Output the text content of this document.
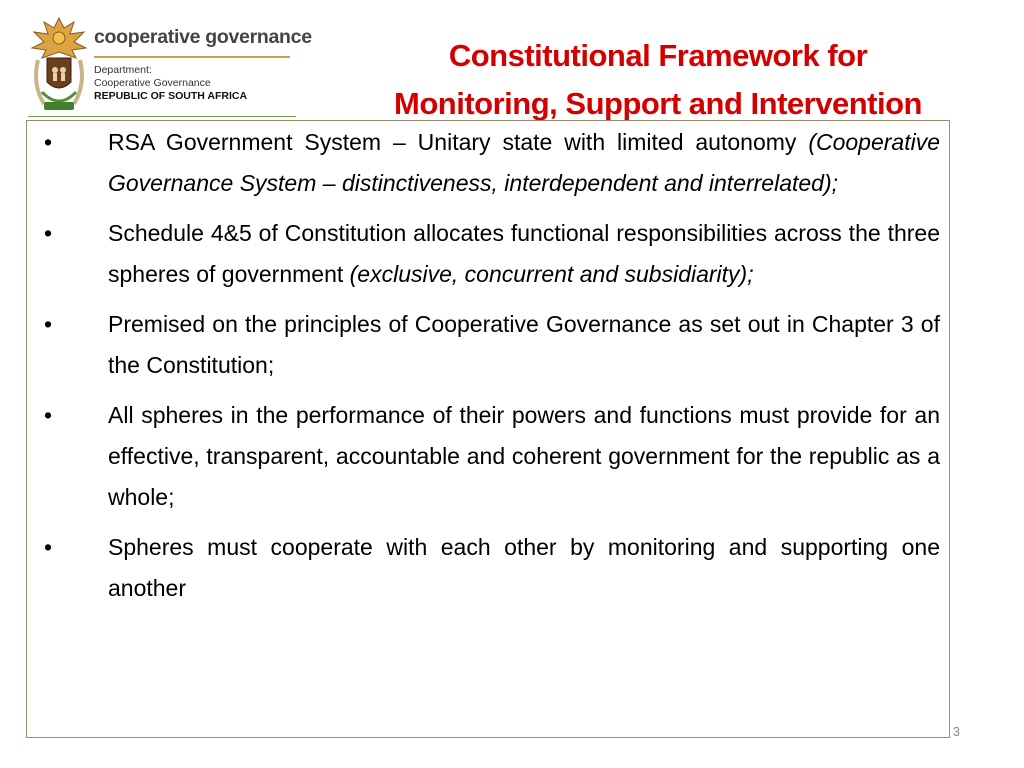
cooperative governance
Department:
Cooperative Governance
REPUBLIC OF SOUTH AFRICA
Constitutional Framework for
Monitoring, Support and Intervention
•	RSA Government System – Unitary state with limited autonomy (Cooperative Governance System – distinctiveness, interdependent and interrelated);
•	Schedule 4&5 of Constitution allocates functional responsibilities across the three spheres of government (exclusive, concurrent and subsidiarity);
•	Premised on the principles of Cooperative Governance as set out in Chapter 3 of the Constitution;
•	All spheres in the performance of their powers and functions must provide for an effective, transparent, accountable and coherent government for the republic as a whole;
•	Spheres must cooperate with each other by monitoring and supporting one another
3
